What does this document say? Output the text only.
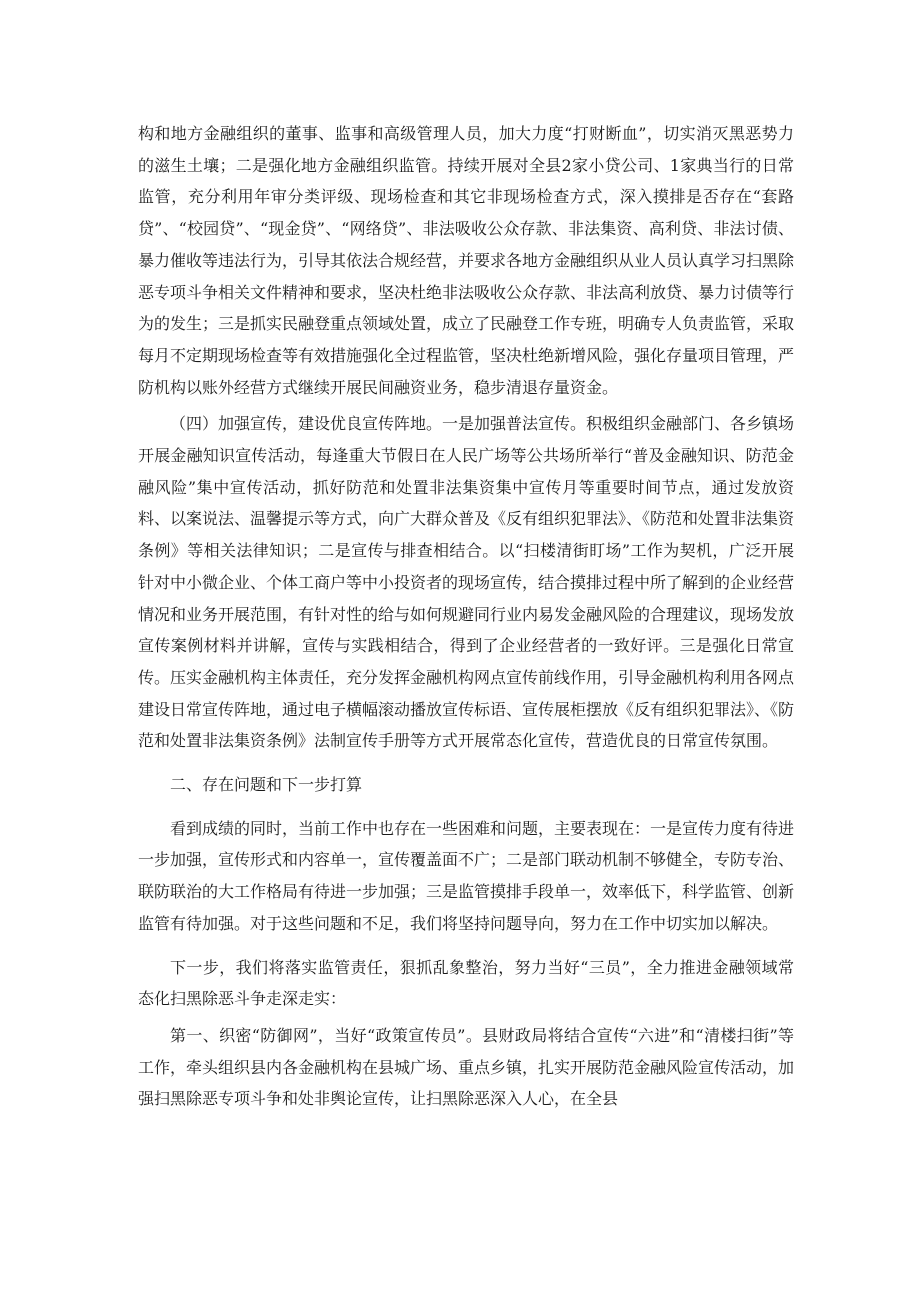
构和地方金融组织的董事、监事和高级管理人员，加大力度“打财断血”，切实消灭黑恶势力的滋生土壤；二是强化地方金融组织监管。持续开展对全县2家小贷公司、1家典当行的日常监管，充分利用年审分类评级、现场检查和其它非现场检查方式，深入摸排是否存在“套路贷”、“校园贷”、“现金贷”、“网络贷”、非法吸收公众存款、非法集资、高利贷、非法讨债、暴力催收等违法行为，引导其依法合规经营，并要求各地方金融组织从业人员认真学习扫黑除恶专项斗争相关文件精神和要求，坚决杜绝非法吸收公众存款、非法高利放贷、暴力讨债等行为的发生；三是抓实民融登重点领域处置，成立了民融登工作专班，明确专人负责监管，采取每月不定期现场检查等有效措施强化全过程监管，坚决杜绝新增风险，强化存量项目管理，严防机构以账外经营方式继续开展民间融资业务，稳步清退存量资金。

（四）加强宣传，建设优良宣传阵地。一是加强普法宣传。积极组织金融部门、各乡镇场开展金融知识宣传活动，每逢重大节假日在人民广场等公共场所举行“普及金融知识、防范金融风险”集中宣传活动，抓好防范和处置非法集资集中宣传月等重要时间节点，通过发放资料、以案说法、温馨提示等方式，向广大群众普及《反有组织犯罪法》、《防范和处置非法集资条例》等相关法律知识；二是宣传与排查相结合。以“扫楼清街盯场”工作为契机，广泛开展针对中小微企业、个体工商户等中小投资者的现场宣传，结合摸排过程中所了解到的企业经营情况和业务开展范围，有针对性的给与如何规避同行业内易发金融风险的合理建议，现场发放宣传案例材料并讲解，宣传与实践相结合，得到了企业经营者的一致好评。三是强化日常宣传。压实金融机构主体责任，充分发挥金融机构网点宣传前线作用，引导金融机构利用各网点建设日常宣传阵地，通过电子横幅滚动播放宣传标语、宣传展柜摆放《反有组织犯罪法》、《防范和处置非法集资条例》法制宣传手册等方式开展常态化宣传，营造优良的日常宣传氛围。

二、存在问题和下一步打算

看到成绩的同时，当前工作中也存在一些困难和问题，主要表现在：一是宣传力度有待进一步加强，宣传形式和内容单一，宣传覆盖面不广；二是部门联动机制不够健全，专防专治、联防联治的大工作格局有待进一步加强；三是监管摸排手段单一，效率低下，科学监管、创新监管有待加强。对于这些问题和不足，我们将坚持问题导向，努力在工作中切实加以解决。

下一步，我们将落实监管责任，狠抓乱象整治，努力当好“三员”，全力推进金融领域常态化扫黑除恶斗争走深走实：

第一、织密“防御网”，当好“政策宣传员”。县财政局将结合宣传“六进”和“清楼扫街”等工作，牵头组织县内各金融机构在县城广场、重点乡镇，扎实开展防范金融风险宣传活动，加强扫黑除恶专项斗争和处非舆论宣传，让扫黑除恶深入人心，在全县
